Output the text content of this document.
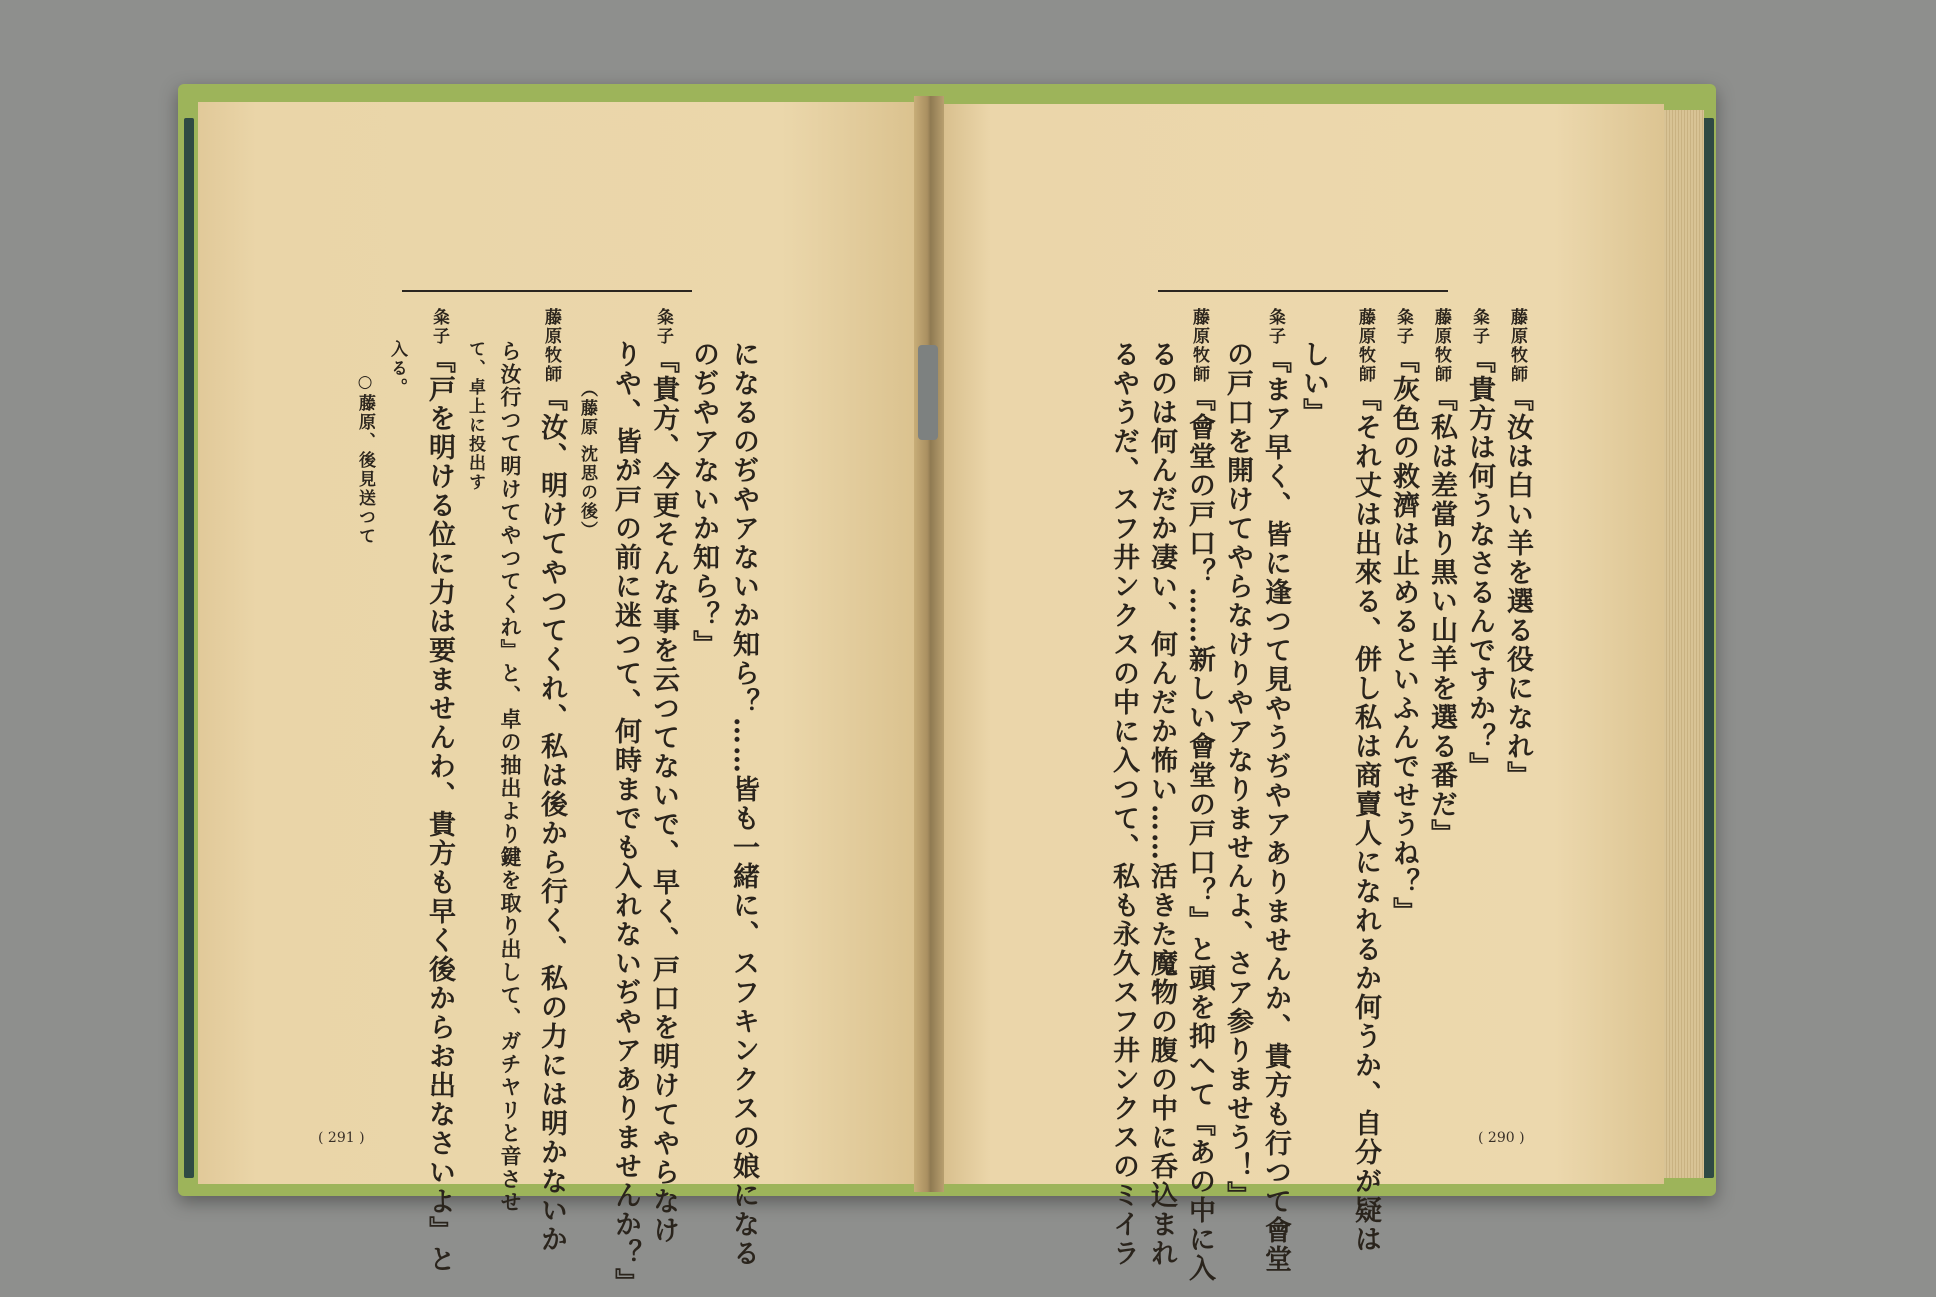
になるのぢやアないか知ら？……皆も一緒に、スフキンクスの娘になる
のぢやアないか知ら？』
粂子『貴方、今更そんな事を云つてないで、早く、戸口を明けてやらなけ
りや、皆が戸の前に迷つて、何時までも入れないぢやアありませんか？』
（藤原 沈思の後）
藤原牧師『汝、明けてやつてくれ、私は後から行く、私の力には明かないか
ら汝行つて明けてやつてくれ』と、卓の抽出より鍵を取り出して、ガチヤリと音させ
て、卓上に投出す
粂子『戸を明ける位に力は要ませんわ、貴方も早く後からお出なさいよ』と
入る。
○藤原、後見送つて
( 291 )
藤原牧師『汝は白い羊を選る役になれ』
粂子『貴方は何うなさるんですか？』
藤原牧師『私は差當り黒い山羊を選る番だ』
粂子『灰色の救濟は止めるといふんでせうね？』
藤原牧師『それ丈は出來る、併し私は商賣人になれるか何うか、自分が疑は
しい』
粂子『まア早く、皆に逢つて見やうぢやアありませんか、貴方も行つて會堂
の戸口を開けてやらなけりやアなりませんよ、さア参りませう！』
藤原牧師『會堂の戸口？……新しい會堂の戸口？』と頭を抑へて『あの中に入
るのは何んだか凄い、何んだか怖い……活きた魔物の腹の中に呑込まれ
るやうだ、スフ井ンクスの中に入つて、私も永久スフ井ンクスのミイラ	( 290 )
